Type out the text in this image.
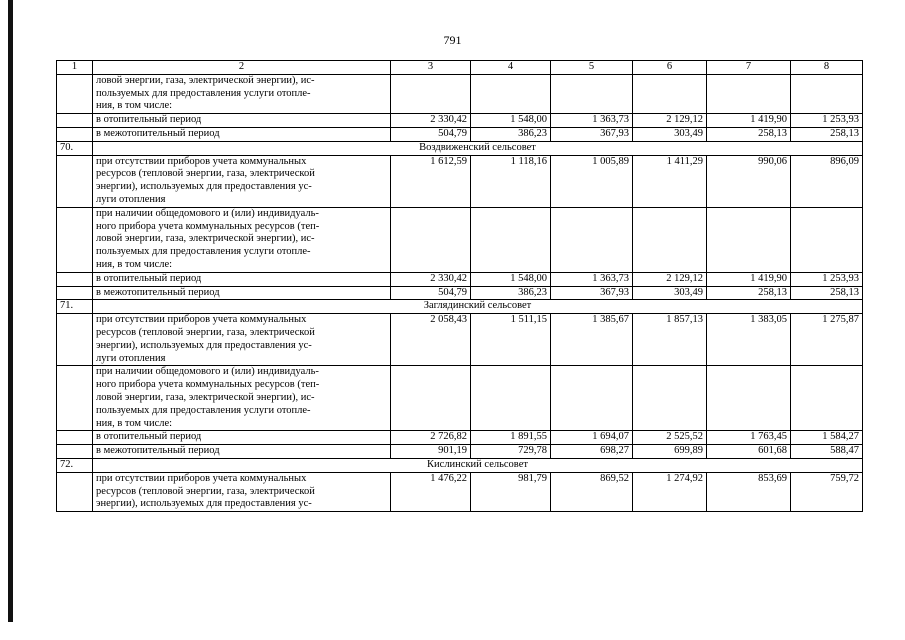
791
1	2	3	4	5	6	7	8
	ловой энергии, газа, электрической энергии), ис-
пользуемых для предоставления услуги отопле-
ния, в том числе:						
	в отопительный период	2 330,42	1 548,00	1 363,73	2 129,12	1 419,90	1 253,93
	в межотопительный период	504,79	386,23	367,93	303,49	258,13	258,13
70.	Воздвиженский сельсовет						
	при отсутствии приборов учета коммунальных
ресурсов (тепловой энергии, газа, электрической
энергии), используемых для предоставления ус-
луги отопления	1 612,59	1 118,16	1 005,89	1 411,29	990,06	896,09
	при наличии общедомового и (или) индивидуаль-
ного прибора учета коммунальных ресурсов (теп-
ловой энергии, газа, электрической энергии), ис-
пользуемых для предоставления услуги отопле-
ния, в том числе:						
	в отопительный период	2 330,42	1 548,00	1 363,73	2 129,12	1 419,90	1 253,93
	в межотопительный период	504,79	386,23	367,93	303,49	258,13	258,13
71.	Заглядинский сельсовет						
	при отсутствии приборов учета коммунальных
ресурсов (тепловой энергии, газа, электрической
энергии), используемых для предоставления ус-
луги отопления	2 058,43	1 511,15	1 385,67	1 857,13	1 383,05	1 275,87
	при наличии общедомового и (или) индивидуаль-
ного прибора учета коммунальных ресурсов (теп-
ловой энергии, газа, электрической энергии), ис-
пользуемых для предоставления услуги отопле-
ния, в том числе:						
	в отопительный период	2 726,82	1 891,55	1 694,07	2 525,52	1 763,45	1 584,27
	в межотопительный период	901,19	729,78	698,27	699,89	601,68	588,47
72.	Кислинский сельсовет						
	при отсутствии приборов учета коммунальных
ресурсов (тепловой энергии, газа, электрической
энергии), используемых для предоставления ус-	1 476,22	981,79	869,52	1 274,92	853,69	759,72
